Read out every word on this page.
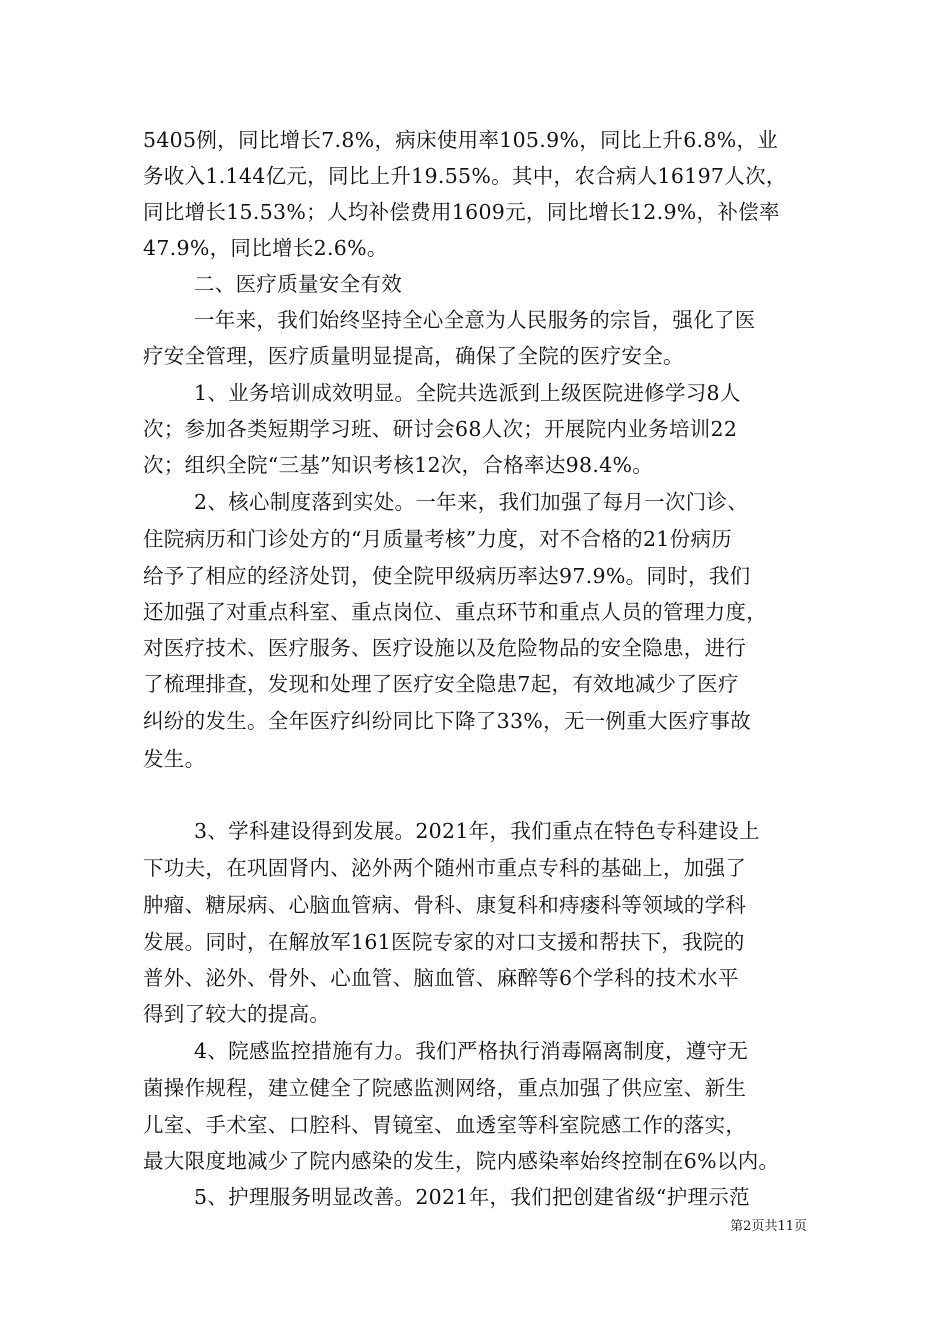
5405例，同比增长7.8%，病床使用率105.9%，同比上升6.8%，业
务收入1.144亿元，同比上升19.55%。其中，农合病人16197人次，
同比增长15.53%；人均补偿费用1609元，同比增长12.9%，补偿率
47.9%，同比增长2.6%。
二、医疗质量安全有效
一年来，我们始终坚持全心全意为人民服务的宗旨，强化了医
疗安全管理，医疗质量明显提高，确保了全院的医疗安全。
1、业务培训成效明显。全院共选派到上级医院进修学习8人
次；参加各类短期学习班、研讨会68人次；开展院内业务培训22
次；组织全院“三基”知识考核12次，合格率达98.4%。
2、核心制度落到实处。一年来，我们加强了每月一次门诊、
住院病历和门诊处方的“月质量考核”力度，对不合格的21份病历
给予了相应的经济处罚，使全院甲级病历率达97.9%。同时，我们
还加强了对重点科室、重点岗位、重点环节和重点人员的管理力度，
对医疗技术、医疗服务、医疗设施以及危险物品的安全隐患，进行
了梳理排查，发现和处理了医疗安全隐患7起，有效地减少了医疗
纠纷的发生。全年医疗纠纷同比下降了33%，无一例重大医疗事故
发生。
3、学科建设得到发展。2021年，我们重点在特色专科建设上
下功夫，在巩固肾内、泌外两个随州市重点专科的基础上，加强了
肿瘤、糖尿病、心脑血管病、骨科、康复科和痔瘘科等领域的学科
发展。同时，在解放军161医院专家的对口支援和帮扶下，我院的
普外、泌外、骨外、心血管、脑血管、麻醉等6个学科的技术水平
得到了较大的提高。
4、院感监控措施有力。我们严格执行消毒隔离制度，遵守无
菌操作规程，建立健全了院感监测网络，重点加强了供应室、新生
儿室、手术室、口腔科、胃镜室、血透室等科室院感工作的落实，
最大限度地减少了院内感染的发生，院内感染率始终控制在6%以内。
5、护理服务明显改善。2021年，我们把创建省级“护理示范
第2页共11页
